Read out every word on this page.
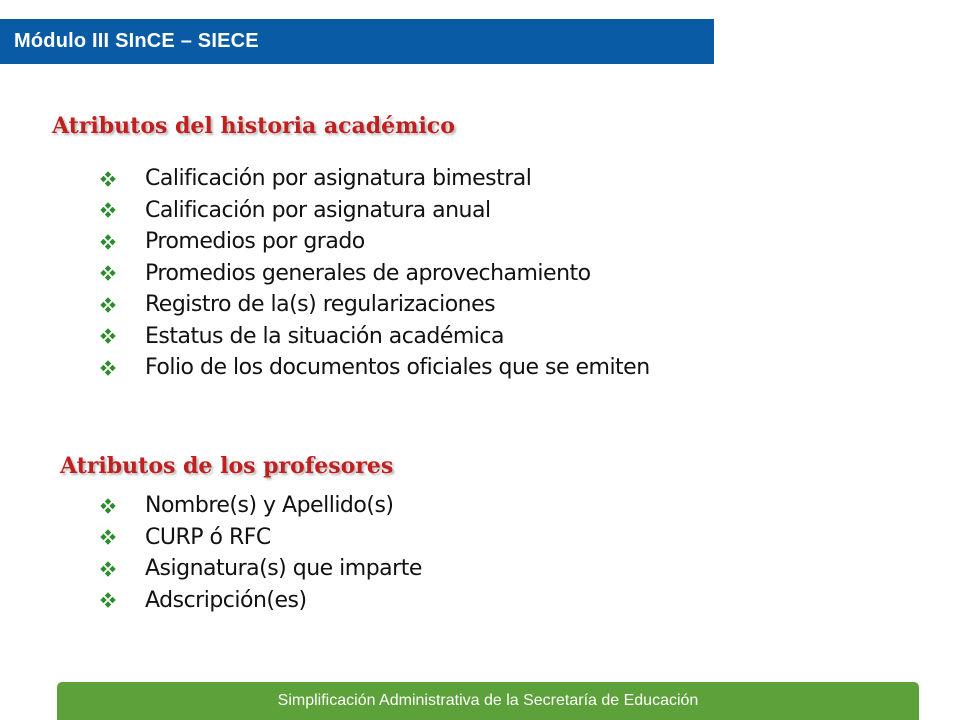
Módulo III SInCE – SIECE
Atributos del historia académico
Calificación por asignatura bimestral
Calificación por asignatura anual
Promedios por grado
Promedios generales de aprovechamiento
Registro de la(s) regularizaciones
Estatus de la situación académica
Folio de los documentos oficiales que se emiten
Atributos de los profesores
Nombre(s) y Apellido(s)
CURP ó RFC
Asignatura(s) que imparte
Adscripción(es)
Simplificación Administrativa de la Secretaría de Educación
